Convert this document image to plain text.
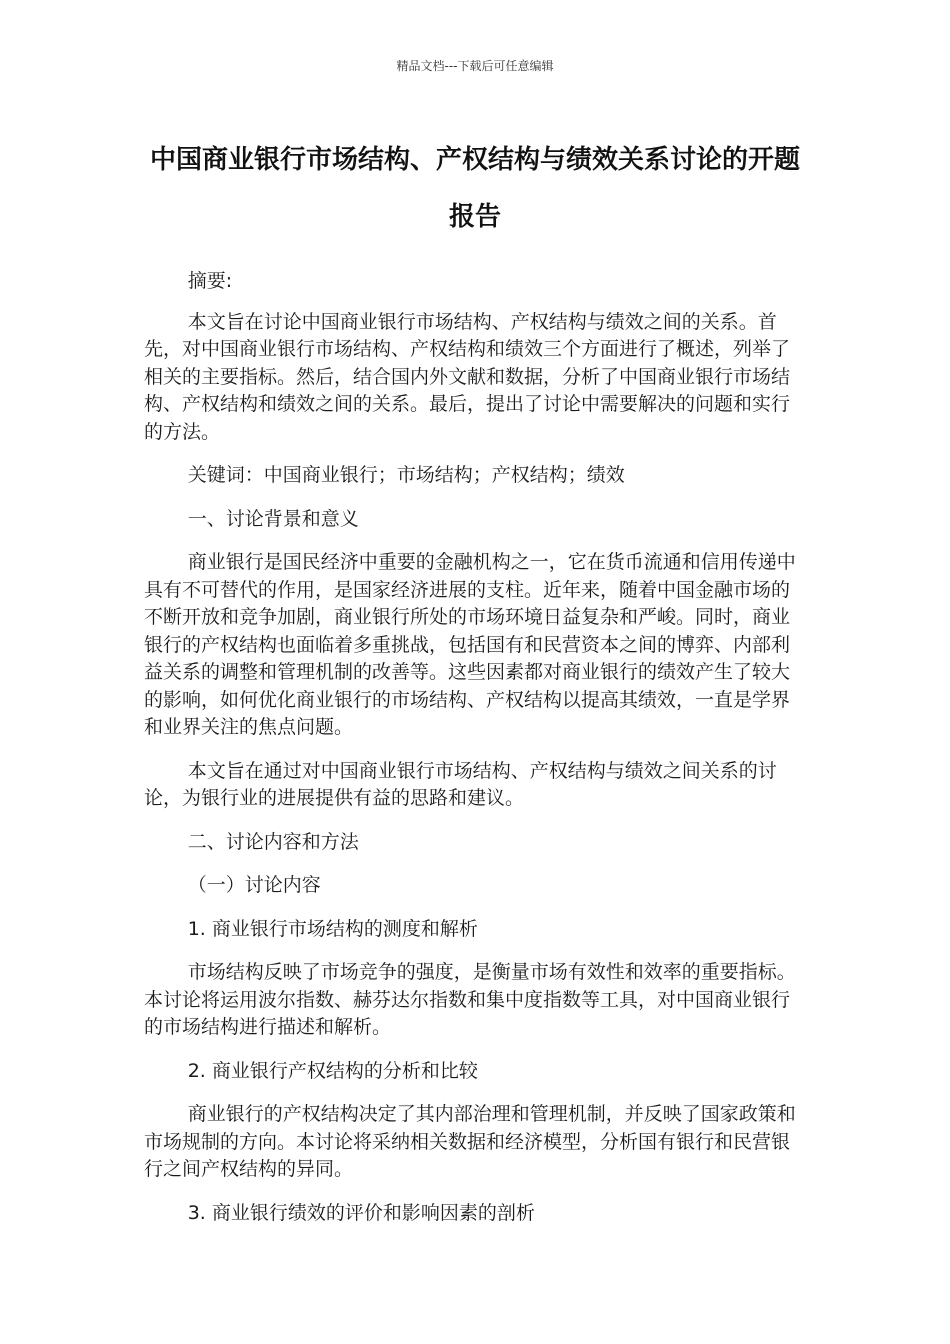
精品文档---下载后可任意编辑
中国商业银行市场结构、产权结构与绩效关系讨论的开题报告

摘要:

本文旨在讨论中国商业银行市场结构、产权结构与绩效之间的关系。首先，对中国商业银行市场结构、产权结构和绩效三个方面进行了概述，列举了相关的主要指标。然后，结合国内外文献和数据，分析了中国商业银行市场结构、产权结构和绩效之间的关系。最后，提出了讨论中需要解决的问题和实行的方法。

关键词：中国商业银行；市场结构；产权结构；绩效

一、讨论背景和意义

商业银行是国民经济中重要的金融机构之一，它在货币流通和信用传递中具有不可替代的作用，是国家经济进展的支柱。近年来，随着中国金融市场的不断开放和竞争加剧，商业银行所处的市场环境日益复杂和严峻。同时，商业银行的产权结构也面临着多重挑战，包括国有和民营资本之间的博弈、内部利益关系的调整和管理机制的改善等。这些因素都对商业银行的绩效产生了较大的影响，如何优化商业银行的市场结构、产权结构以提高其绩效，一直是学界和业界关注的焦点问题。

本文旨在通过对中国商业银行市场结构、产权结构与绩效之间关系的讨论，为银行业的进展提供有益的思路和建议。

二、讨论内容和方法

（一）讨论内容

1. 商业银行市场结构的测度和解析

市场结构反映了市场竞争的强度，是衡量市场有效性和效率的重要指标。本讨论将运用波尔指数、赫芬达尔指数和集中度指数等工具，对中国商业银行的市场结构进行描述和解析。

2. 商业银行产权结构的分析和比较

商业银行的产权结构决定了其内部治理和管理机制，并反映了国家政策和市场规制的方向。本讨论将采纳相关数据和经济模型，分析国有银行和民营银行之间产权结构的异同。

3. 商业银行绩效的评价和影响因素的剖析
